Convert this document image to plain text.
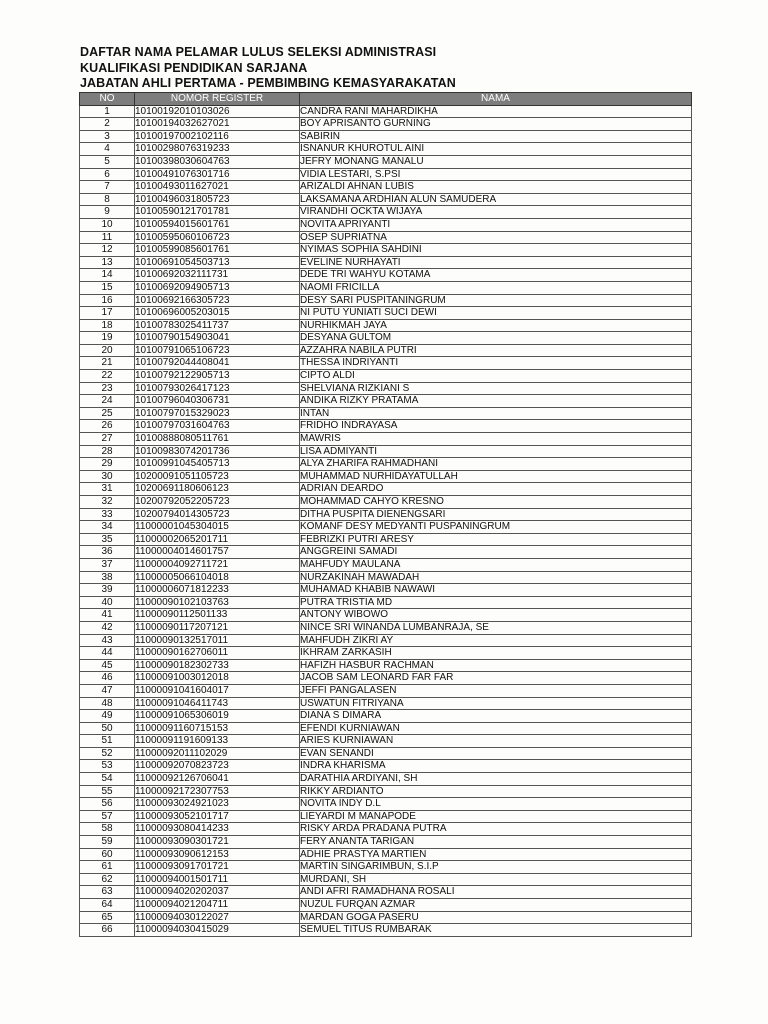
DAFTAR NAMA PELAMAR LULUS SELEKSI ADMINISTRASI
KUALIFIKASI PENDIDIKAN SARJANA
JABATAN AHLI PERTAMA - PEMBIMBING KEMASYARAKATAN
NO	NOMOR REGISTER	NAMA
1	10100192010103026	CANDRA RANI MAHARDIKHA
2	10100194032627021	BOY APRISANTO GURNING
3	10100197002102116	SABIRIN
4	10100298076319233	ISNANUR KHUROTUL AINI
5	10100398030604763	JEFRY MONANG MANALU
6	10100491076301716	VIDIA LESTARI, S.PSI
7	10100493011627021	ARIZALDI AHNAN LUBIS
8	10100496031805723	LAKSAMANA ARDHIAN ALUN SAMUDERA
9	10100590121701781	VIRANDHI OCKTA WIJAYA
10	10100594015601761	NOVITA APRIYANTI
11	10100595060106723	OSEP SUPRIATNA
12	10100599085601761	NYIMAS SOPHIA SAHDINI
13	10100691054503713	EVELINE NURHAYATI
14	10100692032111731	DEDE TRI WAHYU KOTAMA
15	10100692094905713	NAOMI FRICILLA
16	10100692166305723	DESY SARI PUSPITANINGRUM
17	10100696005203015	NI PUTU YUNIATI SUCI DEWI
18	10100783025411737	NURHIKMAH JAYA
19	10100790154903041	DESYANA GULTOM
20	10100791065106723	AZZAHRA NABILA PUTRI
21	10100792044408041	THESSA INDRIYANTI
22	10100792122905713	CIPTO ALDI
23	10100793026417123	SHELVIANA RIZKIANI S
24	10100796040306731	ANDIKA RIZKY PRATAMA
25	10100797015329023	INTAN
26	10100797031604763	FRIDHO INDRAYASA
27	10100888080511761	MAWRIS
28	10100983074201736	LISA ADMIYANTI
29	10100991045405713	ALYA ZHARIFA RAHMADHANI
30	10200091051105723	MUHAMMAD NURHIDAYATULLAH
31	10200691180606123	ADRIAN DEARDO
32	10200792052205723	MOHAMMAD CAHYO KRESNO
33	10200794014305723	DITHA PUSPITA DIENENGSARI
34	11000001045304015	KOMANF DESY MEDYANTI PUSPANINGRUM
35	11000002065201711	FEBRIZKI PUTRI ARESY
36	11000004014601757	ANGGREINI SAMADI
37	11000004092711721	MAHFUDY MAULANA
38	11000005066104018	NURZAKINAH MAWADAH
39	11000006071812233	MUHAMAD KHABIB NAWAWI
40	11000090102103763	PUTRA TRISTIA MD
41	11000090112501133	ANTONY WIBOWO
42	11000090117207121	NINCE SRI WINANDA LUMBANRAJA, SE
43	11000090132517011	MAHFUDH ZIKRI AY
44	11000090162706011	IKHRAM ZARKASIH
45	11000090182302733	HAFIZH HASBUR RACHMAN
46	11000091003012018	JACOB SAM LEONARD FAR FAR
47	11000091041604017	JEFFI PANGALASEN
48	11000091046411743	USWATUN FITRIYANA
49	11000091065306019	DIANA S DIMARA
50	11000091160715153	EFENDI KURNIAWAN
51	11000091191609133	ARIES KURNIAWAN
52	11000092011102029	EVAN SENANDI
53	11000092070823723	INDRA KHARISMA
54	11000092126706041	DARATHIA ARDIYANI, SH
55	11000092172307753	RIKKY ARDIANTO
56	11000093024921023	NOVITA INDY D.L
57	11000093052101717	LIEYARDI M MANAPODE
58	11000093080414233	RISKY ARDA PRADANA PUTRA
59	11000093090301721	FERY ANANTA TARIGAN
60	11000093090612153	ADHIE PRASTYA MARTIEN
61	11000093091701721	MARTIN SINGARIMBUN, S.I.P
62	11000094001501711	MURDANI, SH
63	11000094020202037	ANDI AFRI RAMADHANA ROSALI
64	11000094021204711	NUZUL FURQAN AZMAR
65	11000094030122027	MARDAN GOGA PASERU
66	11000094030415029	SEMUEL TITUS RUMBARAK
